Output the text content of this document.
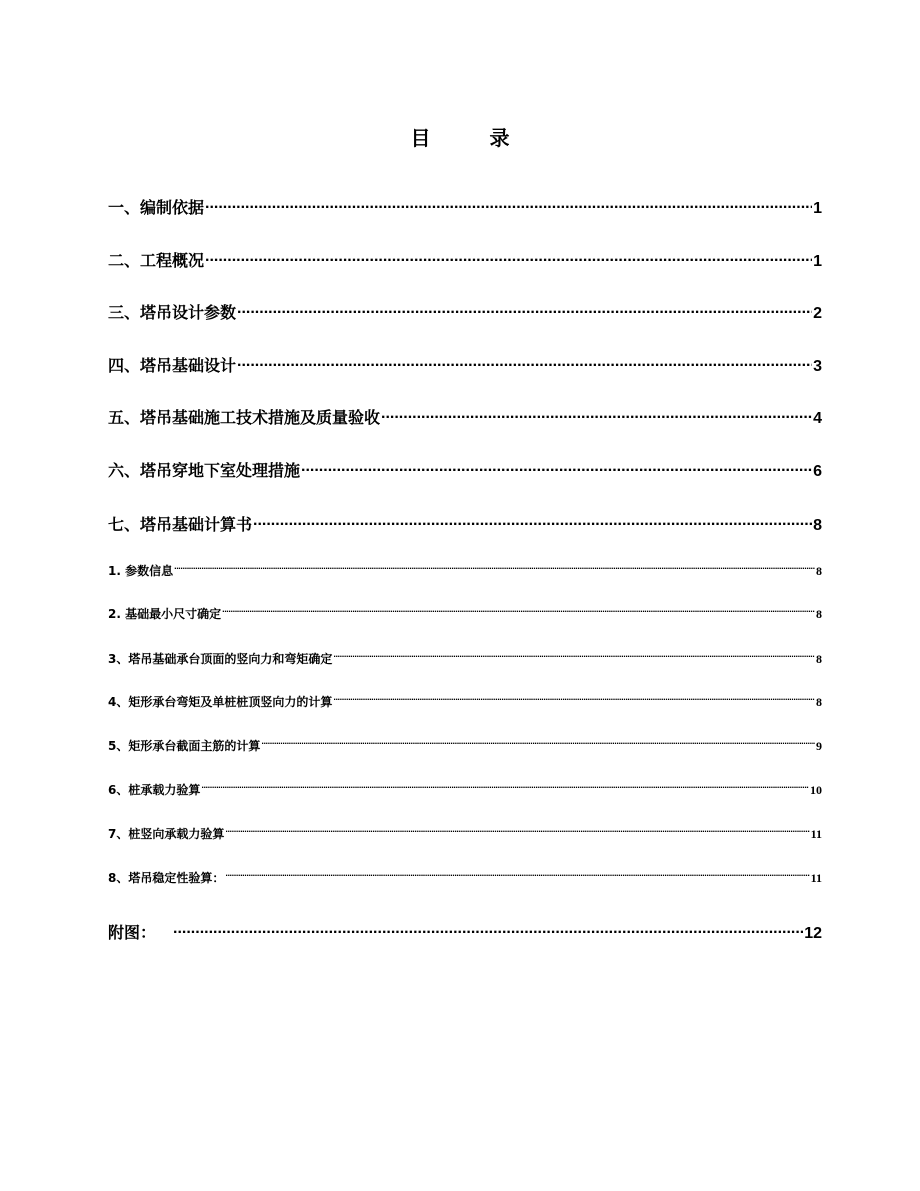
目 录
一、编制依据 .....	1
二、工程概况 .....	1
三、塔吊设计参数 .....	2
四、塔吊基础设计 .....	3
五、塔吊基础施工技术措施及质量验收 .....	4
六、塔吊穿地下室处理措施 .....	6
七、塔吊基础计算书 .....	8
1. 参数信息 .....	8
2. 基础最小尺寸确定 .....	8
3、塔吊基础承台顶面的竖向力和弯矩确定 .....	8
4、矩形承台弯矩及单桩桩顶竖向力的计算 .....	8
5、矩形承台截面主筋的计算 .....	9
6、桩承载力验算 .....	10
7、桩竖向承载力验算 .....	11
8、塔吊稳定性验算： .....	11
附图： .....	12
